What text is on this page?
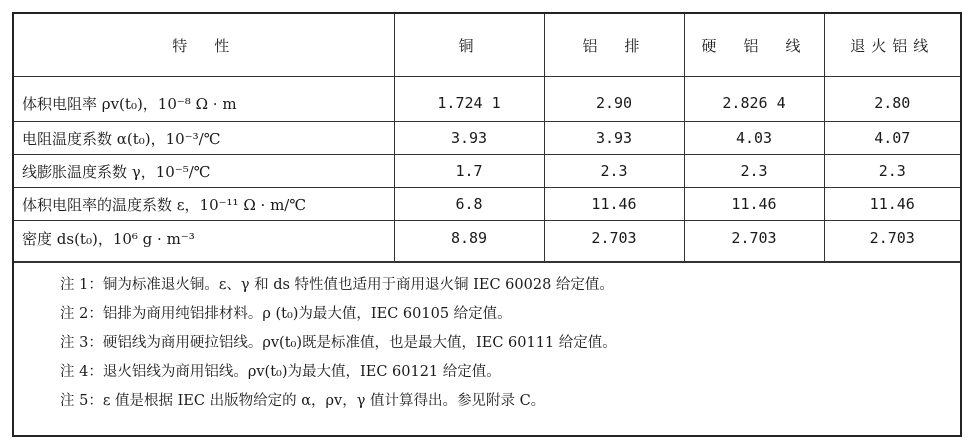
特　性	铜	铝　排	硬　铝　线	退火铝线
体积电阻率 ρv(t₀)，10⁻⁸ Ω · m	1.724 1	2.90	2.826 4	2.80
电阻温度系数 α(t₀)，10⁻³/℃	3.93	3.93	4.03	4.07
线膨胀温度系数 γ，10⁻⁵/℃	1.7	2.3	2.3	2.3
体积电阻率的温度系数 ε，10⁻¹¹ Ω · m/℃	6.8	11.46	11.46	11.46
密度 ds(t₀)，10⁶ g · m⁻³	8.89	2.703	2.703	2.703
注 1：铜为标准退火铜。ε、γ 和 ds 特性值也适用于商用退火铜 IEC 60028 给定值。
注 2：铝排为商用纯铝排材料。ρ (t₀)为最大值，IEC 60105 给定值。
注 3：硬铝线为商用硬拉铝线。ρv(t₀)既是标准值，也是最大值，IEC 60111 给定值。
注 4：退火铝线为商用铝线。ρv(t₀)为最大值，IEC 60121 给定值。
注 5：ε 值是根据 IEC 出版物给定的 α，ρv，γ 值计算得出。参见附录 C。
